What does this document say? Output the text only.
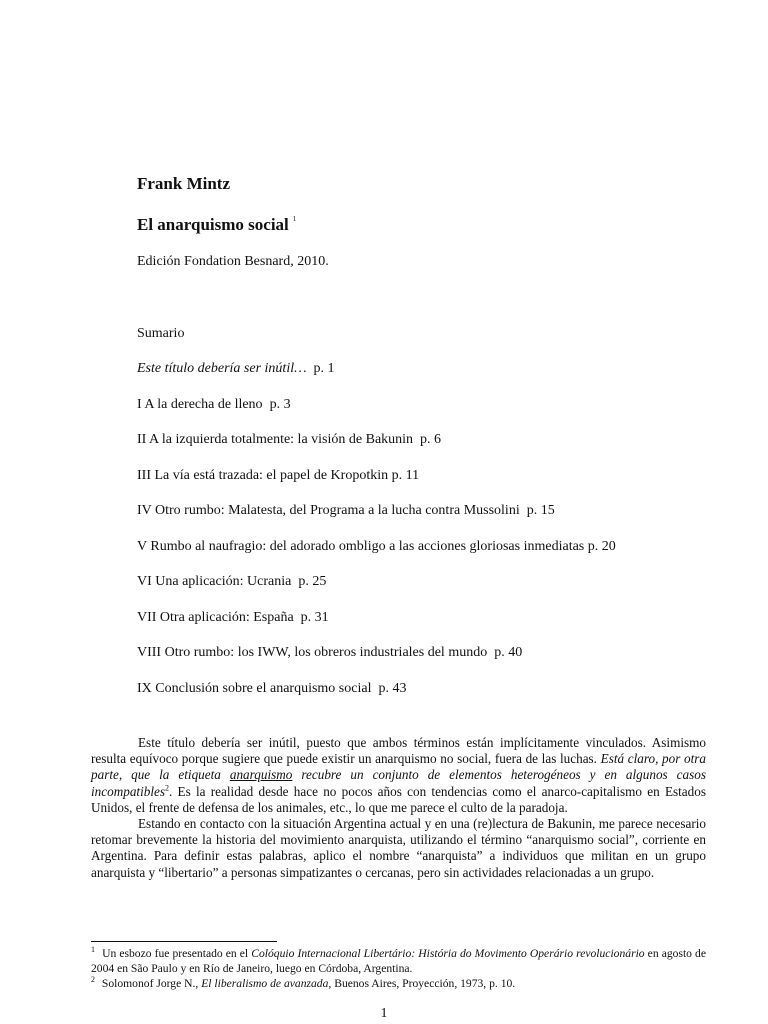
Frank Mintz
El anarquismo social $^1$
Edición Fondation Besnard, 2010.
Sumario
Este título debería ser inútil… p. 1
I A la derecha de lleno p. 3
II A la izquierda totalmente: la visión de Bakunin p. 6
III La vía está trazada: el papel de Kropotkin p. 11
IV Otro rumbo: Malatesta, del Programa a la lucha contra Mussolini p. 15
V Rumbo al naufragio: del adorado ombligo a las acciones gloriosas inmediatas p. 20
VI Una aplicación: Ucrania p. 25
VII Otra aplicación: España p. 31
VIII Otro rumbo: los IWW, los obreros industriales del mundo p. 40
IX Conclusión sobre el anarquismo social p. 43

Este título debería ser inútil, puesto que ambos términos están implícitamente vinculados. Asimismo resulta equívoco porque sugiere que puede existir un anarquismo no social, fuera de las luchas. Está claro, por otra parte, que la etiqueta anarquismo recubre un conjunto de elementos heterogéneos y en algunos casos incompatibles$^2$. Es la realidad desde hace no pocos años con tendencias como el anarco-capitalismo en Estados Unidos, el frente de defensa de los animales, etc., lo que me parece el culto de la paradoja.

Estando en contacto con la situación Argentina actual y en una (re)lectura de Bakunin, me parece necesario retomar brevemente la historia del movimiento anarquista, utilizando el término “anarquismo social”, corriente en Argentina. Para definir estas palabras, aplico el nombre “anarquista” a individuos que militan en un grupo anarquista y “libertario” a personas simpatizantes o cercanas, pero sin actividades relacionadas a un grupo.

$^1$ Un esbozo fue presentado en el Colóquio Internacional Libertário: História do Movimento Operário revolucionário en agosto de 2004 en São Paulo y en Río de Janeiro, luego en Córdoba, Argentina.

$^2$ Solomonof Jorge N., El liberalismo de avanzada, Buenos Aires, Proyección, 1973, p. 10.

1
